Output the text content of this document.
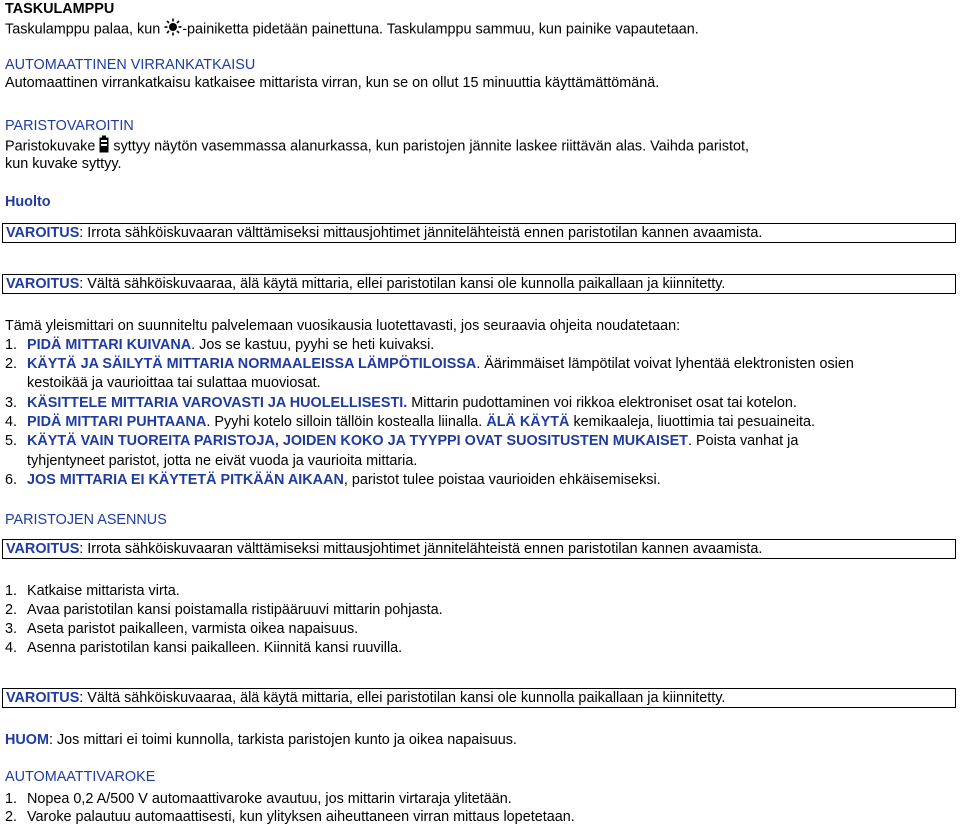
TASKULAMPPU
Taskulamppu palaa, kun -painiketta pidetään painettuna. Taskulamppu sammuu, kun painike vapautetaan.
AUTOMAATTINEN VIRRANKATKAISU
Automaattinen virrankatkaisu katkaisee mittarista virran, kun se on ollut 15 minuuttia käyttämättömänä.
PARISTOVAROITIN
Paristokuvake  syttyy näytön vasemmassa alanurkassa, kun paristojen jännite laskee riittävän alas. Vaihda paristot,
kun kuvake syttyy.
Huolto
VAROITUS: Irrota sähköiskuvaaran välttämiseksi mittausjohtimet jännitelähteistä ennen paristotilan kannen avaamista.
VAROITUS: Vältä sähköiskuvaaraa, älä käytä mittaria, ellei paristotilan kansi ole kunnolla paikallaan ja kiinnitetty.
Tämä yleismittari on suunniteltu palvelemaan vuosikausia luotettavasti, jos seuraavia ohjeita noudatetaan:
1. PIDÄ MITTARI KUIVANA. Jos se kastuu, pyyhi se heti kuivaksi.
2. KÄYTÄ JA SÄILYTÄ MITTARIA NORMAALEISSA LÄMPÖTILOISSA. Äärimmäiset lämpötilat voivat lyhentää elektronisten osien
kestoikää ja vaurioittaa tai sulattaa muoviosat.
3. KÄSITTELE MITTARIA VAROVASTI JA HUOLELLISESTI. Mittarin pudottaminen voi rikkoa elektroniset osat tai kotelon.
4. PIDÄ MITTARI PUHTAANA. Pyyhi kotelo silloin tällöin kostealla liinalla. ÄLÄ KÄYTÄ kemikaaleja, liuottimia tai pesuaineita.
5. KÄYTÄ VAIN TUOREITA PARISTOJA, JOIDEN KOKO JA TYYPPI OVAT SUOSITUSTEN MUKAISET. Poista vanhat ja
tyhjentyneet paristot, jotta ne eivät vuoda ja vaurioita mittaria.
6. JOS MITTARIA EI KÄYTETÄ PITKÄÄN AIKAAN, paristot tulee poistaa vaurioiden ehkäisemiseksi.
PARISTOJEN ASENNUS
VAROITUS: Irrota sähköiskuvaaran välttämiseksi mittausjohtimet jännitelähteistä ennen paristotilan kannen avaamista.
1. Katkaise mittarista virta.
2. Avaa paristotilan kansi poistamalla ristipääruuvi mittarin pohjasta.
3. Aseta paristot paikalleen, varmista oikea napaisuus.
4. Asenna paristotilan kansi paikalleen. Kiinnitä kansi ruuvilla.
VAROITUS: Vältä sähköiskuvaaraa, älä käytä mittaria, ellei paristotilan kansi ole kunnolla paikallaan ja kiinnitetty.
HUOM: Jos mittari ei toimi kunnolla, tarkista paristojen kunto ja oikea napaisuus.
AUTOMAATTIVAROKE
1. Nopea 0,2 A/500 V automaattivaroke avautuu, jos mittarin virtaraja ylitetään.
2. Varoke palautuu automaattisesti, kun ylityksen aiheuttaneen virran mittaus lopetetaan.
